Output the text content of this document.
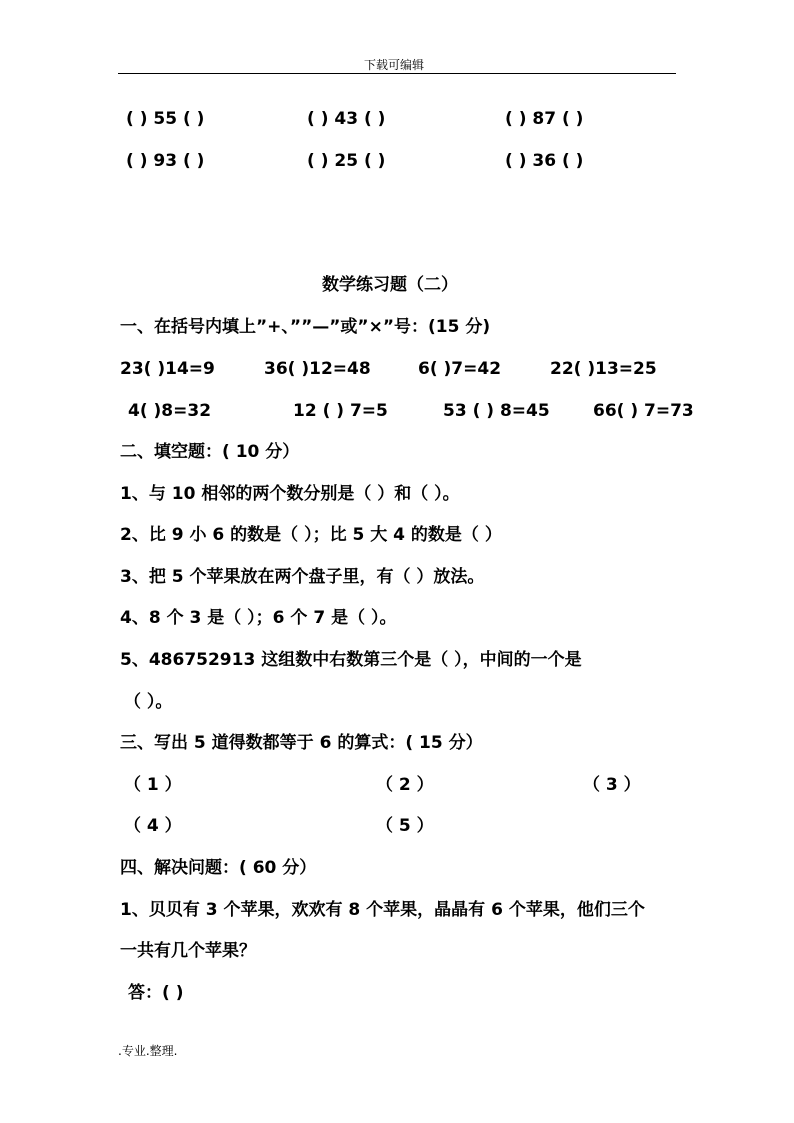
下载可编辑
( ) 55 ( )	( ) 43 ( )	( ) 87 ( )
( ) 93 ( )	( ) 25 ( )	( ) 36 ( )
数学练习题（二）
一、在括号内填上”+、””—”或”×”号：(15 分)
23( )14=9	36( )12=48	6( )7=42	22( )13=25
4( )8=32	12 ( ) 7=5	53 ( ) 8=45	66( ) 7=73
二、填空题：( 10 分）
1、与 10 相邻的两个数分别是（ ）和（ ）。
2、比 9 小 6 的数是（ ）；比 5 大 4 的数是（ ）
3、把 5 个苹果放在两个盘子里，有（ ）放法。
4、8 个 3 是（ ）；6 个 7 是（ ）。
5、486752913 这组数中右数第三个是（ ），中间的一个是
（ ）。
三、写出 5 道得数都等于 6 的算式：( 15 分）
（ 1 ）	（ 2 ）	（ 3 ）
（ 4 ）	（ 5 ）
四、解决问题：( 60 分）
1、贝贝有 3 个苹果，欢欢有 8 个苹果，晶晶有 6 个苹果，他们三个
一共有几个苹果？
答：( )
.专业.整理.
